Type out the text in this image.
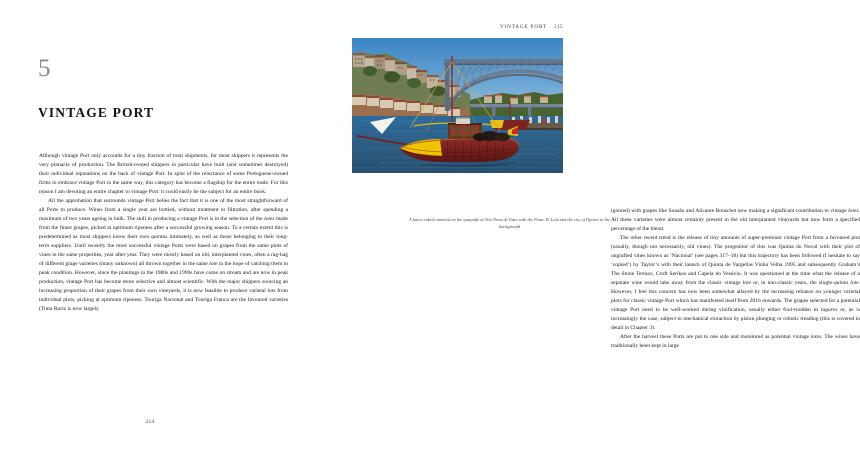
5
VINTAGE PORT

Although vintage Port only accounts for a tiny fraction of total shipments, for most shippers it represents the very pinnacle of production. The British-owned shippers in particular have built (and sometimes destroyed) their individual reputations on the back of vintage Port. In spite of the reluctance of some Portuguese-owned firms to embrace vintage Port in the same way, this category has become a flagship for the entire trade. For this reason I am devoting an entire chapter to vintage Port: it could easily be the subject for an entire book.

All the approbation that surrounds vintage Port belies the fact that it is one of the most straightforward of all Ports to produce. Wines from a single year are bottled, without treatment or filtration, after spending a maximum of two years ageing in bulk. The skill in producing a vintage Port is in the selection of the lotes made from the finest grapes, picked at optimum ripeness after a successful growing season. To a certain extent this is predetermined as most shippers know their own quintas intimately, as well as those belonging to their long-term suppliers. Until recently the most successful vintage Ports were based on grapes from the same plots of vines in the same properties, year after year. They were mostly based on old, interplanted vines, often a rag-bag of different grape varieties (many unknown) all thrown together in the same lote in the hope of catching them in peak condition. However, since the plantings in the 1980s and 1990s have come on stream and are now in peak production, vintage Port has become more selective and almost scientific. With the major shippers sourcing an increasing proportion of their grapes from their own vineyards, it is now feasible to produce varietal lots from individual plots, picking at optimum ripeness. Touriga Nacional and Touriga Franca are the favoured varieties (Tinta Roriz is now largely

214
VINTAGE PORT 215
A barco rabelo moored on the quayside at Vila Nova de Gaia with the Ponte D. Luís and the city of Oporto in the background

ignored) with grapes like Sousão and Alicante Bouschet now making a significant contribution to vintage lotes. All these varieties were almost certainly present in the old interplanted vineyards but now form a specified percentage of the blend.

The other recent trend is the release of tiny amounts of super-premium vintage Port from a favoured plot (usually, though not necessarily, old vines). The progenitor of this was Quinta do Noval with their plot of ungrafted vines known as ‘Nacional’ (see pages 317–18) but this trajectory has been followed (I hesitate to say ‘copied’) by Taylor’s with their launch of Quinta de Vargellas Vinha Velha 1995 and subsequently Graham’s The Stone Terrace, Croft Serikos and Capela do Vesúvio. It was questioned at the time what the release of a separate wine would take away from the classic vintage lote or, in non-classic years, the single-quinta lote. However, I feel this concern has now been somewhat allayed by the increasing reliance on younger varietal plots for classic vintage Port which has manifested itself from 2016 onwards. The grapes selected for a potential vintage Port need to be well-worked during vinification, usually either foot-trodden in lagares or, as is increasingly the case, subject to mechanical extraction by piston plunging or robotic treading (this is covered in detail in Chapter 3).

After the harvest these Ports are put to one side and monitored as potential vintage lotes. The wines have traditionally been kept in large
